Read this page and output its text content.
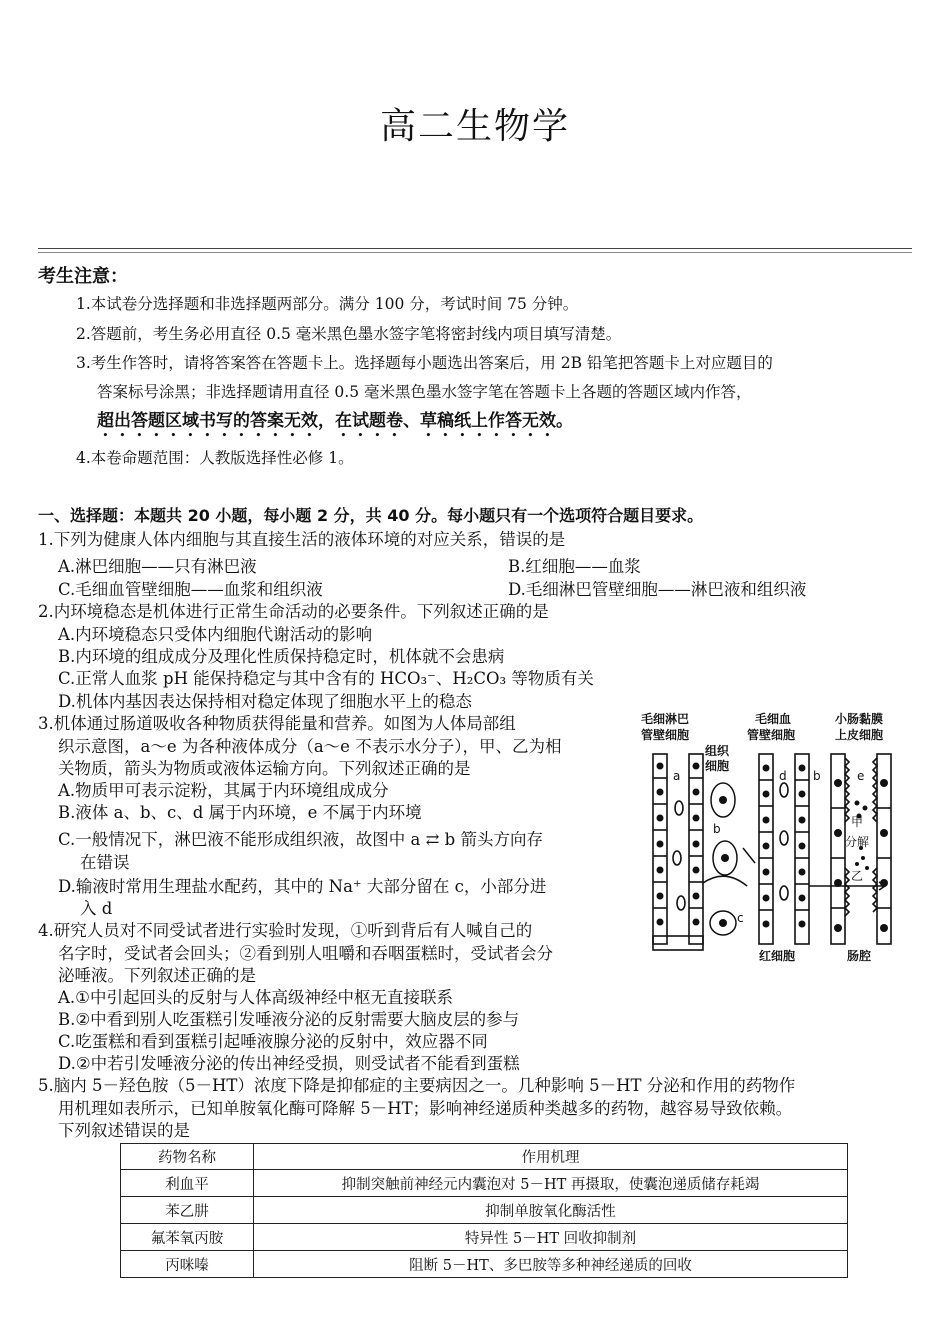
高二生物学
考生注意：
1.本试卷分选择题和非选择题两部分。满分 100 分，考试时间 75 分钟。
2.答题前，考生务必用直径 0.5 毫米黑色墨水签字笔将密封线内项目填写清楚。
3.考生作答时，请将答案答在答题卡上。选择题每小题选出答案后，用 2B 铅笔把答题卡上对应题目的
答案标号涂黑；非选择题请用直径 0.5 毫米黑色墨水签字笔在答题卡上各题的答题区域内作答，
超出答题区域书写的答案无效，在试题卷、草稿纸上作答无效。
4.本卷命题范围：人教版选择性必修 1。
一、选择题：本题共 20 小题，每小题 2 分，共 40 分。每小题只有一个选项符合题目要求。
1.下列为健康人体内细胞与其直接生活的液体环境的对应关系，错误的是
A.淋巴细胞——只有淋巴液	B.红细胞——血浆
C.毛细血管壁细胞——血浆和组织液	D.毛细淋巴管壁细胞——淋巴液和组织液
2.内环境稳态是机体进行正常生命活动的必要条件。下列叙述正确的是
A.内环境稳态只受体内细胞代谢活动的影响
B.内环境的组成成分及理化性质保持稳定时，机体就不会患病
C.正常人血浆 pH 能保持稳定与其中含有的 HCO₃⁻、H₂CO₃ 等物质有关
D.机体内基因表达保持相对稳定体现了细胞水平上的稳态
3.机体通过肠道吸收各种物质获得能量和营养。如图为人体局部组
织示意图，a～e 为各种液体成分（a～e 不表示水分子），甲、乙为相
关物质，箭头为物质或液体运输方向。下列叙述正确的是
A.物质甲可表示淀粉，其属于内环境组成成分
B.液体 a、b、c、d 属于内环境，e 不属于内环境
C.一般情况下，淋巴液不能形成组织液，故图中 a ⇄ b 箭头方向存
在错误
D.输液时常用生理盐水配药，其中的 Na⁺ 大部分留在 c，小部分进
入 d
毛细淋巴
管壁细胞
组织
细胞
毛细血
管壁细胞
小肠黏膜
上皮细胞
红细胞	肠腔
a
b
b
c
d	e
甲
分解
乙
4.研究人员对不同受试者进行实验时发现，①听到背后有人喊自己的
名字时，受试者会回头；②看到别人咀嚼和吞咽蛋糕时，受试者会分
泌唾液。下列叙述正确的是
A.①中引起回头的反射与人体高级神经中枢无直接联系
B.②中看到别人吃蛋糕引发唾液分泌的反射需要大脑皮层的参与
C.吃蛋糕和看到蛋糕引起唾液腺分泌的反射中，效应器不同
D.②中若引发唾液分泌的传出神经受损，则受试者不能看到蛋糕
5.脑内 5－羟色胺（5－HT）浓度下降是抑郁症的主要病因之一。几种影响 5－HT 分泌和作用的药物作
用机理如表所示，已知单胺氧化酶可降解 5－HT；影响神经递质种类越多的药物，越容易导致依赖。
下列叙述错误的是
药物名称	作用机理
利血平	抑制突触前神经元内囊泡对 5－HT 再摄取，使囊泡递质储存耗竭
苯乙肼	抑制单胺氧化酶活性
氟苯氧丙胺	特异性 5－HT 回收抑制剂
丙咪嗪	阻断 5－HT、多巴胺等多种神经递质的回收
